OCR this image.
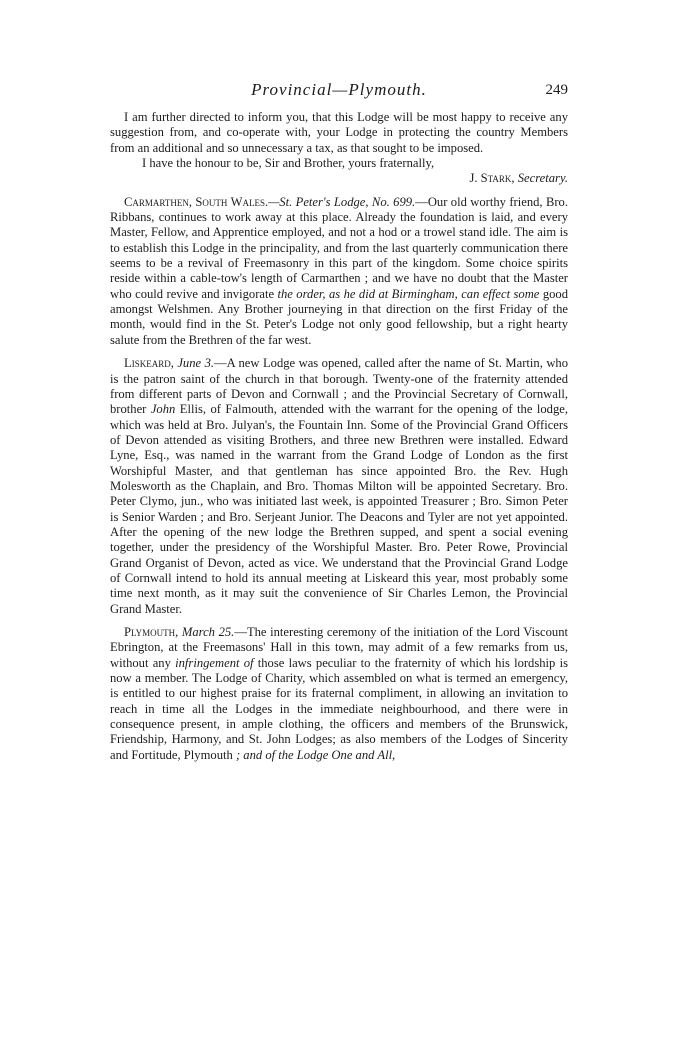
Provincial—Plymouth.	249

I am further directed to inform you, that this Lodge will be most happy to receive any suggestion from, and co-operate with, your Lodge in protecting the country Members from an additional and so unnecessary a tax, as that sought to be imposed.

I have the honour to be, Sir and Brother, yours fraternally,

J. Stark, Secretary.

Carmarthen, South Wales.—St. Peter's Lodge, No. 699.—Our old worthy friend, Bro. Ribbans, continues to work away at this place. Already the foundation is laid, and every Master, Fellow, and Apprentice employed, and not a hod or a trowel stand idle. The aim is to establish this Lodge in the principality, and from the last quarterly communication there seems to be a revival of Freemasonry in this part of the kingdom. Some choice spirits reside within a cable-tow's length of Carmarthen ; and we have no doubt that the Master who could revive and invigorate the order, as he did at Birmingham, can effect some good amongst Welshmen. Any Brother journeying in that direction on the first Friday of the month, would find in the St. Peter's Lodge not only good fellowship, but a right hearty salute from the Brethren of the far west.

Liskeard, June 3.—A new Lodge was opened, called after the name of St. Martin, who is the patron saint of the church in that borough. Twenty-one of the fraternity attended from different parts of Devon and Cornwall ; and the Provincial Secretary of Cornwall, brother John Ellis, of Falmouth, attended with the warrant for the opening of the lodge, which was held at Bro. Julyan's, the Fountain Inn. Some of the Provincial Grand Officers of Devon attended as visiting Brothers, and three new Brethren were installed. Edward Lyne, Esq., was named in the warrant from the Grand Lodge of London as the first Worshipful Master, and that gentleman has since appointed Bro. the Rev. Hugh Molesworth as the Chaplain, and Bro. Thomas Milton will be appointed Secretary. Bro. Peter Clymo, jun., who was initiated last week, is appointed Treasurer ; Bro. Simon Peter is Senior Warden ; and Bro. Serjeant Junior. The Deacons and Tyler are not yet appointed. After the opening of the new lodge the Brethren supped, and spent a social evening together, under the presidency of the Worshipful Master. Bro. Peter Rowe, Provincial Grand Organist of Devon, acted as vice. We understand that the Provincial Grand Lodge of Cornwall intend to hold its annual meeting at Liskeard this year, most probably some time next month, as it may suit the convenience of Sir Charles Lemon, the Provincial Grand Master.

Plymouth, March 25.—The interesting ceremony of the initiation of the Lord Viscount Ebrington, at the Freemasons' Hall in this town, may admit of a few remarks from us, without any infringement of those laws peculiar to the fraternity of which his lordship is now a member. The Lodge of Charity, which assembled on what is termed an emergency, is entitled to our highest praise for its fraternal compliment, in allowing an invitation to reach in time all the Lodges in the immediate neighbourhood, and there were in consequence present, in ample clothing, the officers and members of the Brunswick, Friendship, Harmony, and St. John Lodges; as also members of the Lodges of Sincerity and Fortitude, Plymouth ; and of the Lodge One and All,
